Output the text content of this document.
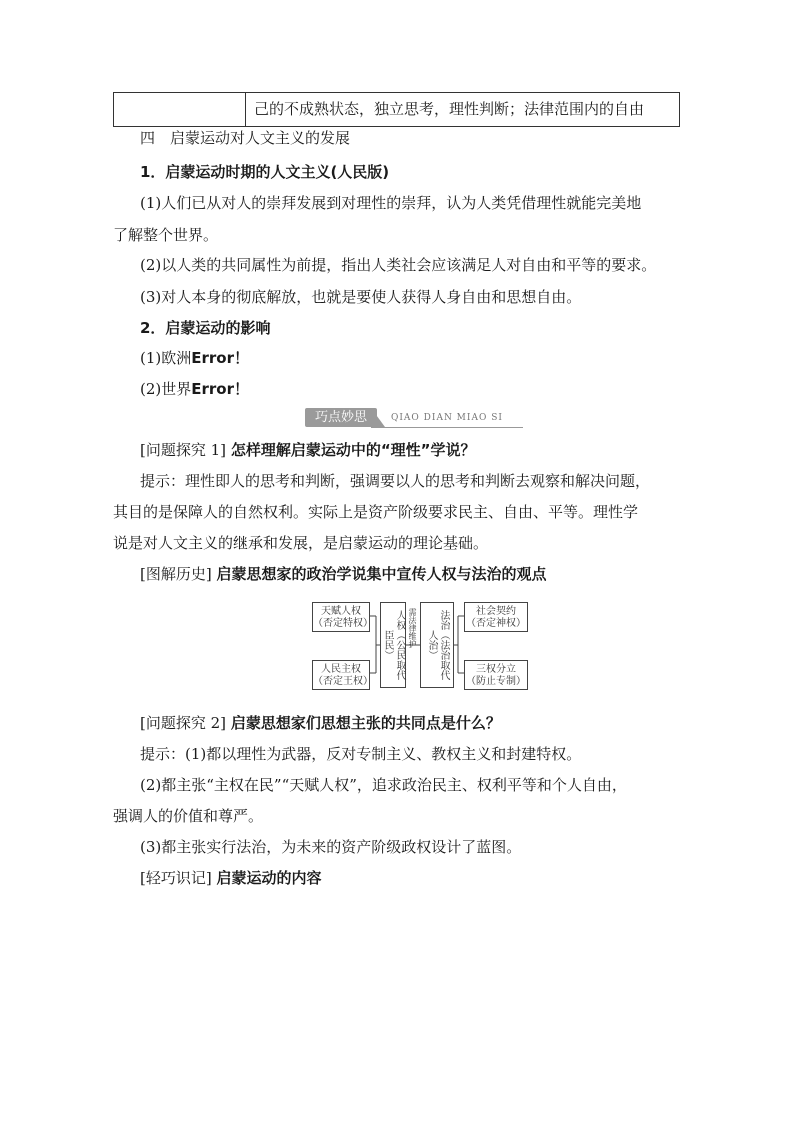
己的不成熟状态，独立思考，理性判断；法律范围内的自由
四　启蒙运动对人文主义的发展
1．启蒙运动时期的人文主义(人民版)
(1)人们已从对人的崇拜发展到对理性的崇拜，认为人类凭借理性就能完美地
了解整个世界。
(2)以人类的共同属性为前提，指出人类社会应该满足人对自由和平等的要求。
(3)对人本身的彻底解放，也就是要使人获得人身自由和思想自由。
2．启蒙运动的影响
(1)欧洲Error！
(2)世界Error！
巧点妙思	QIAO DIAN MIAO SI
[问题探究 1] 怎样理解启蒙运动中的“理性”学说？
提示：理性即人的思考和判断，强调要以人的思考和判断去观察和解决问题，
其目的是保障人的自然权利。实际上是资产阶级要求民主、自由、平等。理性学
说是对人文主义的继承和发展，是启蒙运动的理论基础。
[图解历史] 启蒙思想家的政治学说集中宣传人权与法治的观点
天赋人权
（否定特权）
人民主权
（否定王权）
人权（公民取代臣民）	需法律维护	法治（法治取代人治）
社会契约
（否定神权）
三权分立
（防止专制）
[问题探究 2] 启蒙思想家们思想主张的共同点是什么？
提示：(1)都以理性为武器，反对专制主义、教权主义和封建特权。
(2)都主张“主权在民”“天赋人权”，追求政治民主、权利平等和个人自由，
强调人的价值和尊严。
(3)都主张实行法治，为未来的资产阶级政权设计了蓝图。
[轻巧识记] 启蒙运动的内容
